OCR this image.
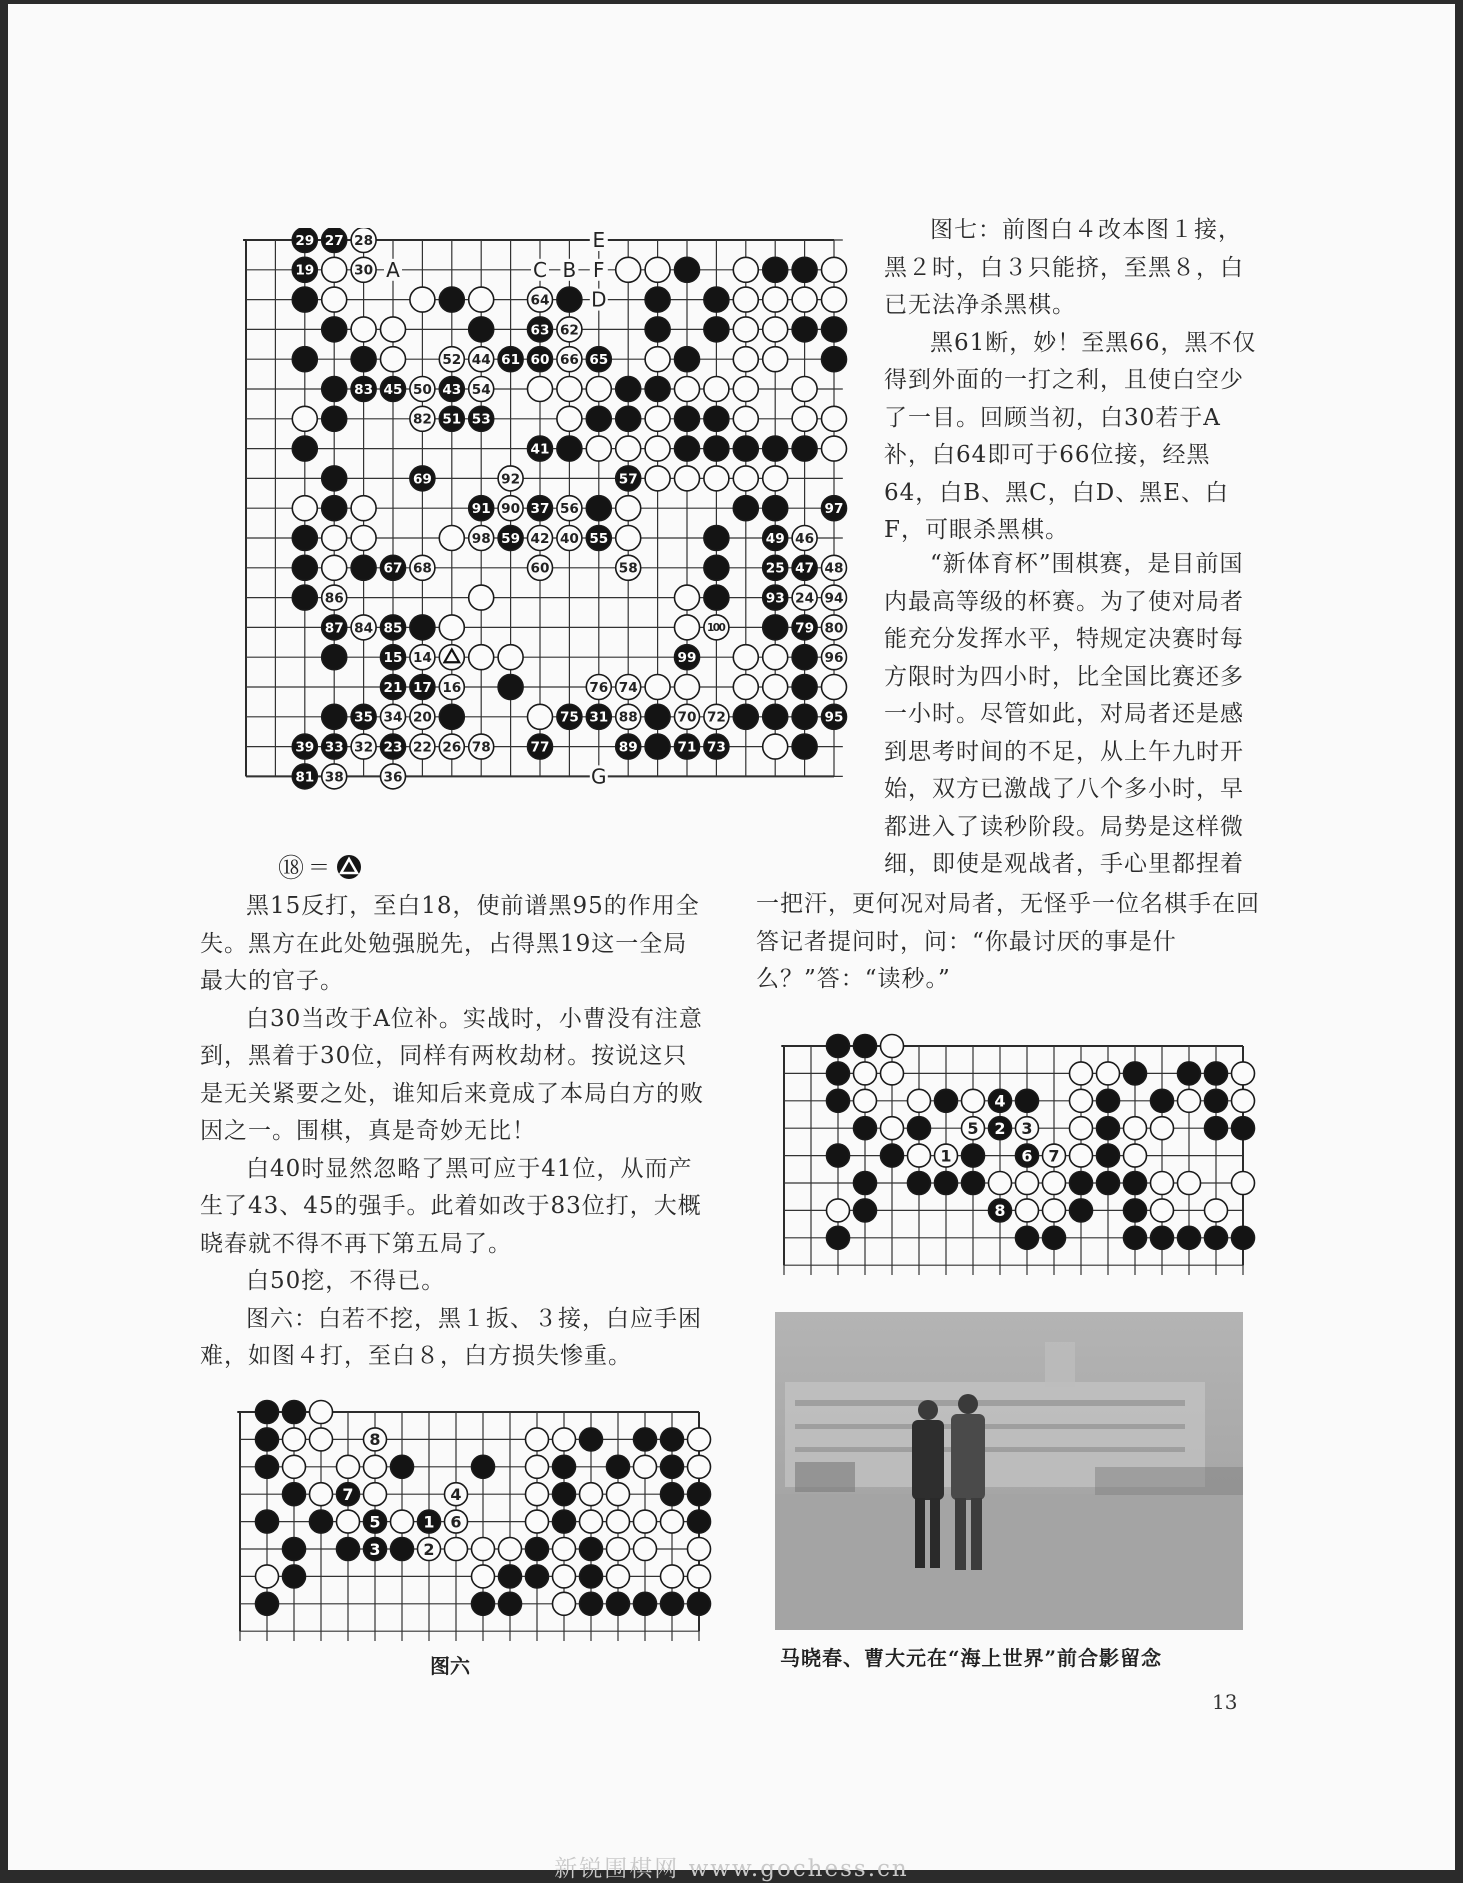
E
A	C B F
D
G
29 27 28
19	30
64
63 62
52 44 61 60 66 65
83 45 50 43 54
82 51 53
41
69	92	57
91 90 37 56	97
98 59 42 40 55	49 46
67 68	60	58	25 47 48
86	93 24 94
87 84 85	100	79 80
15 14	99	96
21 17 16	76 74
35 34 20	75 31 88	70 72	95
39 33 32 23 22 26 78	77	89	71 73
81 38	36

图七：前图白４改本图１接，黑２时，白３只能挤，至黑８，白已无法净杀黑棋。

黑61断，妙！至黑66，黑不仅得到外面的一打之利，且使白空少了一目。回顾当初，白30若于A补，白64即可于66位接，经黑64，白B、黑C，白D、黑E、白F，可眼杀黑棋。

“新体育杯”围棋赛，是目前国内最高等级的杯赛。为了使对局者能充分发挥水平，特规定决赛时每方限时为四小时，比全国比赛还多一小时。尽管如此，对局者还是感到思考时间的不足，从上午九时开始，双方已激战了八个多小时，早都进入了读秒阶段。局势是这样微细，即使是观战者，手心里都捏着

一把汗，更何况对局者，无怪乎一位名棋手在回答记者提问时，问：“你最讨厌的事是什么？”答：“读秒。”

⑱ ＝

黑15反打，至白18，使前谱黑95的作用全失。黑方在此处勉强脱先，占得黑19这一全局最大的官子。

白30当改于A位补。实战时，小曹没有注意到，黑着于30位，同样有两枚劫材。按说这只是无关紧要之处，谁知后来竟成了本局白方的败因之一。围棋，真是奇妙无比！

白40时显然忽略了黑可应于41位，从而产生了43、45的强手。此着如改于83位打，大概晓春就不得不再下第五局了。

白50挖，不得已。

图六：白若不挖，黑１扳、３接，白应手困难，如图４打，至白８，白方损失惨重。

8
7	4
5	1 6
3	2
图六
4
5 2 3
1	6 7
8
马晓春、曹大元在“海上世界”前合影留念
13
新锐围棋网 www.gochess.cn
